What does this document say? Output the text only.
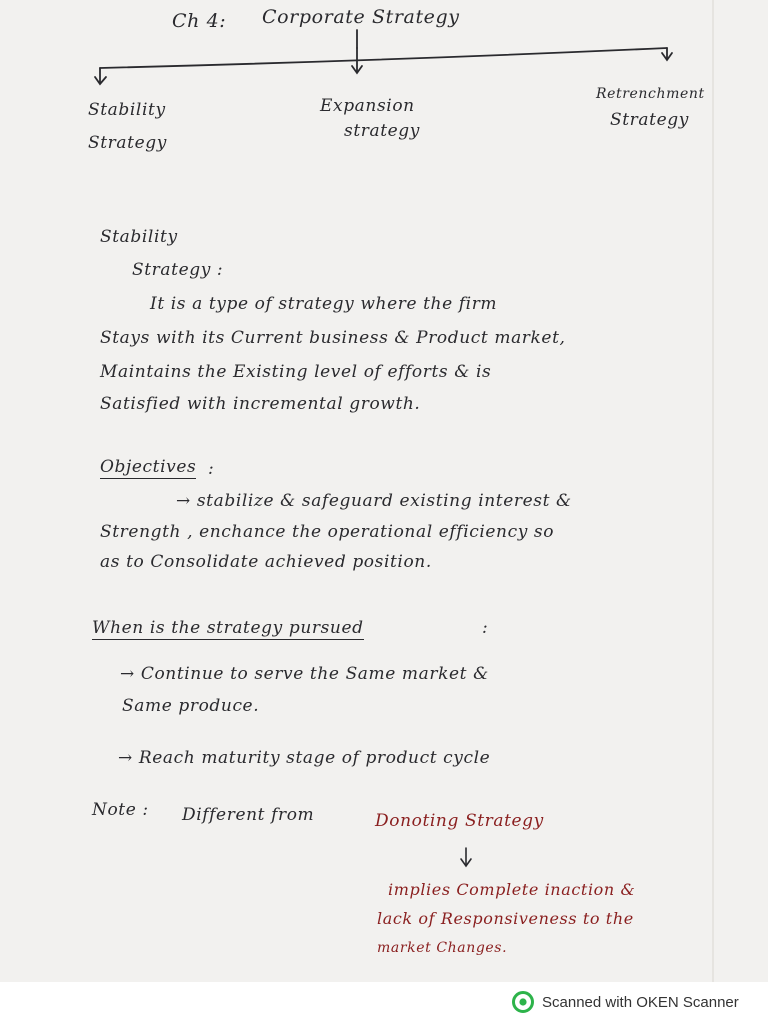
Ch 4: Corporate Strategy
Stability
Strategy
Expansion
strategy
Retrenchment
Strategy
Stability
Strategy :
It is a type of strategy where the firm
Stays with its Current business & Product market,
Maintains the Existing level of efforts & is
Satisfied with incremental growth.
Objectives :
→ stabilize & safeguard existing interest &
Strength , enchance the operational efficiency so
as to Consolidate achieved position.
When is the strategy pursued	:
→ Continue to serve the Same market &
Same produce.
→ Reach maturity stage of product cycle
Note : Different from	Donoting Strategy
implies Complete inaction &
lack of Responsiveness to the
market Changes.
Scanned with OKEN Scanner
